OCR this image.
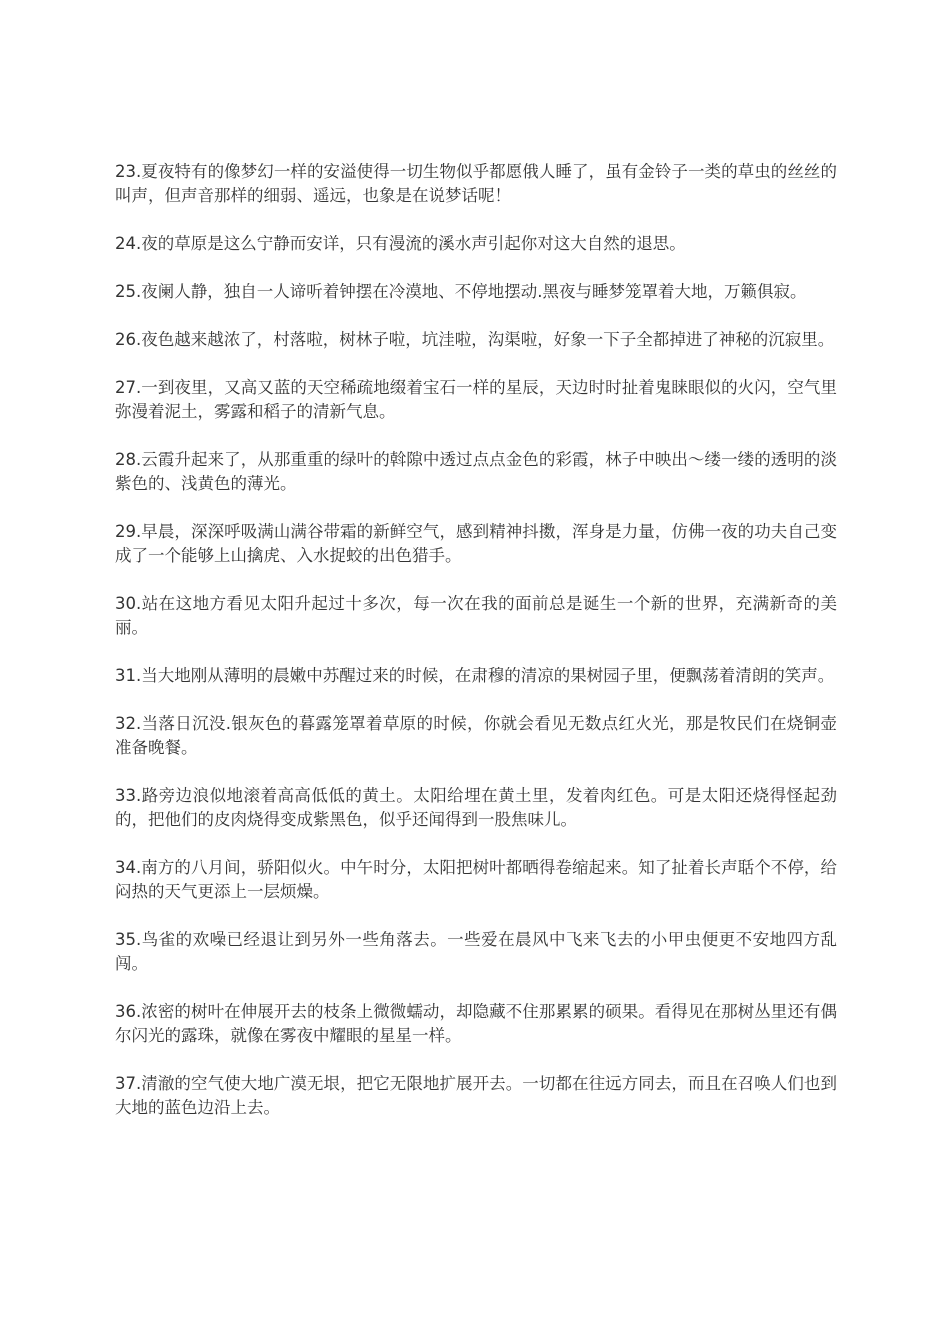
23.夏夜特有的像梦幻一样的安溢使得一切生物似乎都愿俄人睡了，虽有金铃子一类的草虫的丝丝的叫声，但声音那样的细弱、遥远，也象是在说梦话呢！

24.夜的草原是这么宁静而安详，只有漫流的溪水声引起你对这大自然的退思。

25.夜阑人静，独自一人谛听着钟摆在冷漠地、不停地摆动.黑夜与睡梦笼罩着大地，万籁俱寂。

26.夜色越来越浓了，村落啦，树林子啦，坑洼啦，沟渠啦，好象一下子全都掉进了神秘的沉寂里。

27.一到夜里，又高又蓝的天空稀疏地缀着宝石一样的星辰，天边时时扯着鬼睐眼似的火闪，空气里弥漫着泥土，雾露和稻子的清新气息。

28.云霞升起来了，从那重重的绿叶的斡隙中透过点点金色的彩霞，林子中映出～缕一缕的透明的淡紫色的、浅黄色的薄光。

29.早晨，深深呼吸满山满谷带霜的新鲜空气，感到精神抖擞，浑身是力量，仿佛一夜的功夫自己变成了一个能够上山擒虎、入水捉蛟的出色猎手。

30.站在这地方看见太阳升起过十多次，每一次在我的面前总是诞生一个新的世界，充满新奇的美丽。

31.当大地刚从薄明的晨嫩中苏醒过来的时候，在肃穆的清凉的果树园子里，便飘荡着清朗的笑声。

32.当落日沉没.银灰色的暮露笼罩着草原的时候，你就会看见无数点红火光，那是牧民们在烧铜壶准备晚餐。

33.路旁边浪似地滚着高高低低的黄土。太阳给埋在黄土里，发着肉红色。可是太阳还烧得怪起劲的，把他们的皮肉烧得变成紫黑色，似乎还闻得到一股焦味儿。

34.南方的八月间，骄阳似火。中午时分，太阳把树叶都晒得卷缩起来。知了扯着长声聒个不停，给闷热的天气更添上一层烦燥。

35.鸟雀的欢噪已经退让到另外一些角落去。一些爱在晨风中飞来飞去的小甲虫便更不安地四方乱闯。

36.浓密的树叶在伸展开去的枝条上微微蠕动，却隐藏不住那累累的硕果。看得见在那树丛里还有偶尔闪光的露珠，就像在雾夜中耀眼的星星一样。

37.清澈的空气使大地广漠无垠，把它无限地扩展开去。一切都在往远方同去，而且在召唤人们也到大地的蓝色边沿上去。
